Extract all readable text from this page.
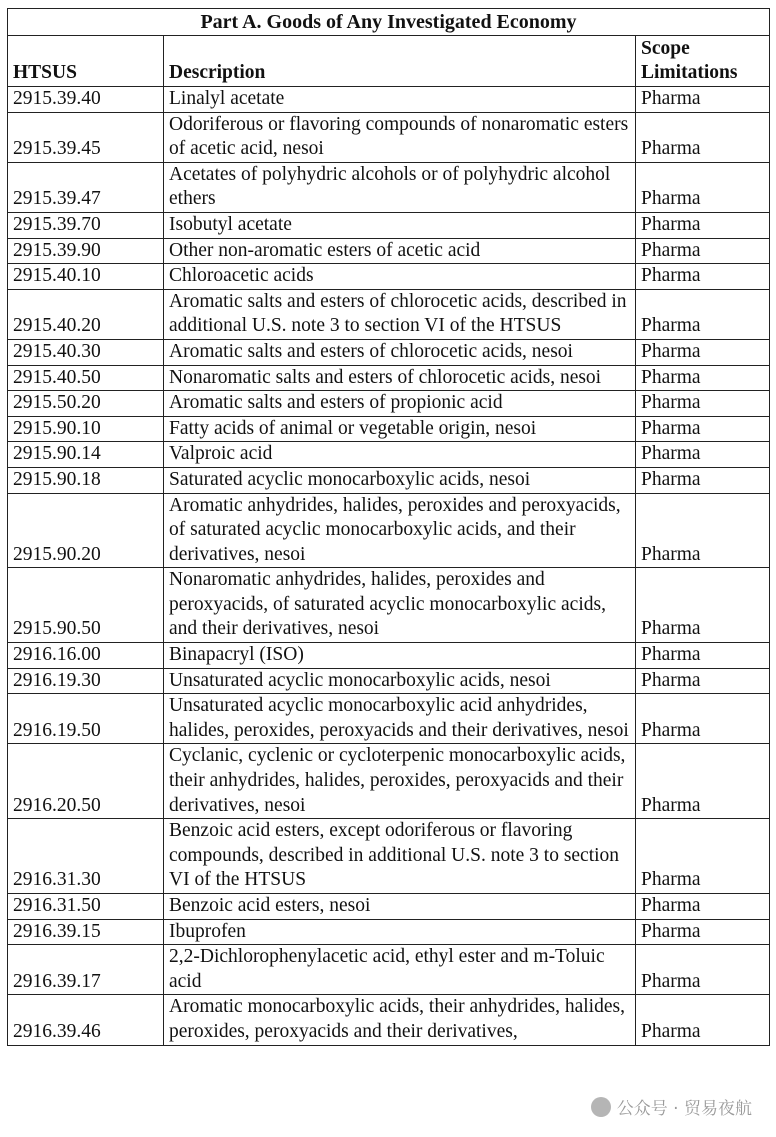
Part A. Goods of Any Investigated Economy		
HTSUS	Description	Scope Limitations
2915.39.40	Linalyl acetate	Pharma
2915.39.45	Odoriferous or flavoring compounds of nonaromatic esters of acetic acid, nesoi	Pharma
2915.39.47	Acetates of polyhydric alcohols or of polyhydric alcohol ethers	Pharma
2915.39.70	Isobutyl acetate	Pharma
2915.39.90	Other non-aromatic esters of acetic acid	Pharma
2915.40.10	Chloroacetic acids	Pharma
2915.40.20	Aromatic salts and esters of chlorocetic acids, described in additional U.S. note 3 to section VI of the HTSUS	Pharma
2915.40.30	Aromatic salts and esters of chlorocetic acids, nesoi	Pharma
2915.40.50	Nonaromatic salts and esters of chlorocetic acids, nesoi	Pharma
2915.50.20	Aromatic salts and esters of propionic acid	Pharma
2915.90.10	Fatty acids of animal or vegetable origin, nesoi	Pharma
2915.90.14	Valproic acid	Pharma
2915.90.18	Saturated acyclic monocarboxylic acids, nesoi	Pharma
2915.90.20	Aromatic anhydrides, halides, peroxides and peroxyacids, of saturated acyclic monocarboxylic acids, and their derivatives, nesoi	Pharma
2915.90.50	Nonaromatic anhydrides, halides, peroxides and peroxyacids, of saturated acyclic monocarboxylic acids, and their derivatives, nesoi	Pharma
2916.16.00	Binapacryl (ISO)	Pharma
2916.19.30	Unsaturated acyclic monocarboxylic acids, nesoi	Pharma
2916.19.50	Unsaturated acyclic monocarboxylic acid anhydrides, halides, peroxides, peroxyacids and their derivatives, nesoi	Pharma
2916.20.50	Cyclanic, cyclenic or cycloterpenic monocarboxylic acids, their anhydrides, halides, peroxides, peroxyacids and their derivatives, nesoi	Pharma
2916.31.30	Benzoic acid esters, except odoriferous or flavoring compounds, described in additional U.S. note 3 to section VI of the HTSUS	Pharma
2916.31.50	Benzoic acid esters, nesoi	Pharma
2916.39.15	Ibuprofen	Pharma
2916.39.17	2,2-Dichlorophenylacetic acid, ethyl ester and m-Toluic acid	Pharma
2916.39.46	Aromatic monocarboxylic acids, their anhydrides, halides, peroxides, peroxyacids and their derivatives,	Pharma
公众号 · 贸易夜航
